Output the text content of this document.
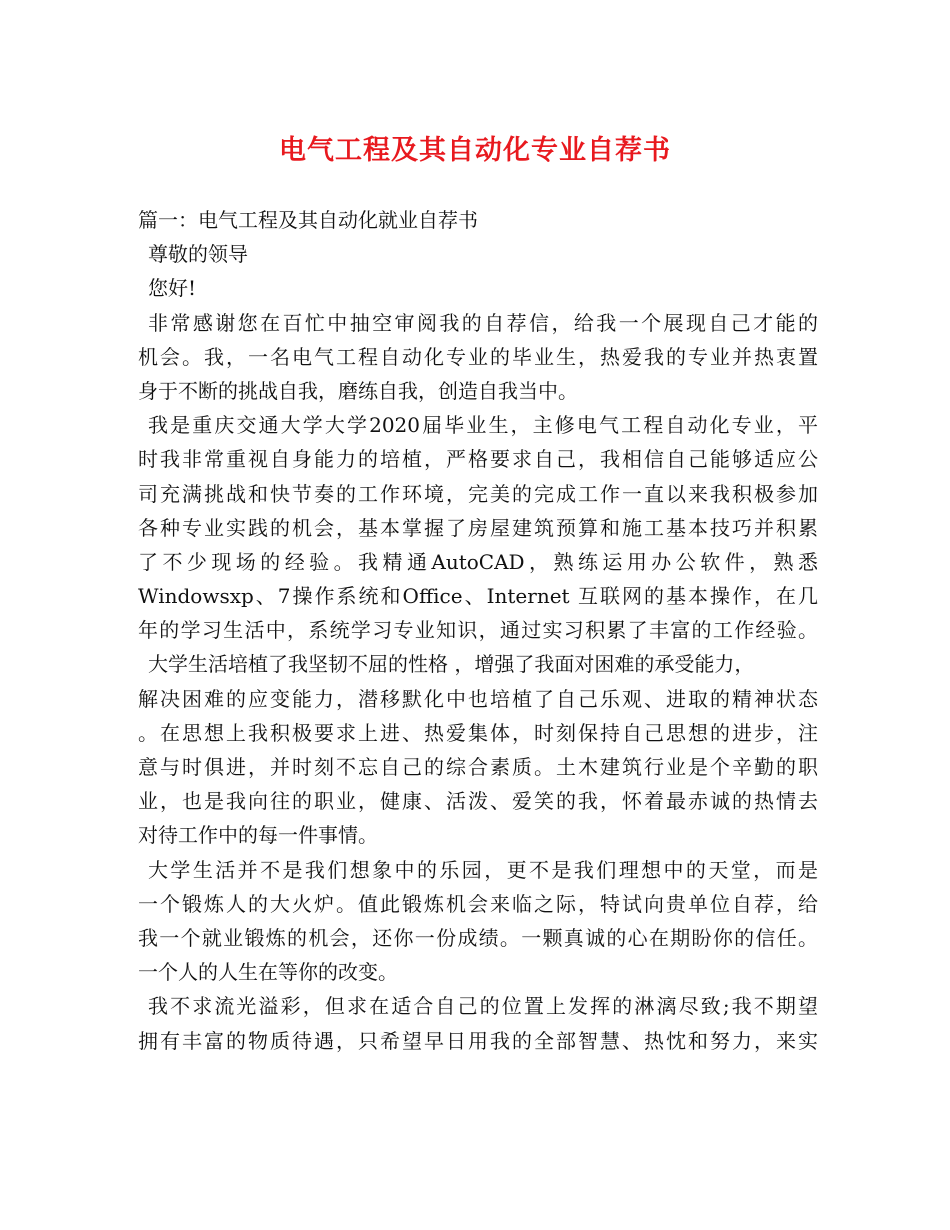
电气工程及其自动化专业自荐书
篇一：电气工程及其自动化就业自荐书
尊敬的领导
您好!
非常感谢您在百忙中抽空审阅我的自荐信，给我一个展现自己才能的
机会。我，一名电气工程自动化专业的毕业生，热爱我的专业并热衷置
身于不断的挑战自我，磨练自我，创造自我当中。
我是重庆交通大学大学2020届毕业生，主修电气工程自动化专业，平
时我非常重视自身能力的培植，严格要求自己，我相信自己能够适应公
司充满挑战和快节奏的工作环境，完美的完成工作一直以来我积极参加
各种专业实践的机会，基本掌握了房屋建筑预算和施工基本技巧并积累
了不少现场的经验。我精通AutoCAD，熟练运用办公软件，熟悉
Windowsxp、7操作系统和Office、Internet 互联网的基本操作，在几
年的学习生活中，系统学习专业知识，通过实习积累了丰富的工作经验。
大学生活培植了我坚韧不屈的性格 ，增强了我面对困难的承受能力，
解决困难的应变能力，潜移默化中也培植了自己乐观、进取的精神状态
。在思想上我积极要求上进、热爱集体，时刻保持自己思想的进步，注
意与时俱进，并时刻不忘自己的综合素质。土木建筑行业是个辛勤的职
业，也是我向往的职业，健康、活泼、爱笑的我，怀着最赤诚的热情去
对待工作中的每一件事情。
大学生活并不是我们想象中的乐园，更不是我们理想中的天堂，而是
一个锻炼人的大火炉。值此锻炼机会来临之际，特试向贵单位自荐，给
我一个就业锻炼的机会，还你一份成绩。一颗真诚的心在期盼你的信任。
一个人的人生在等你的改变。
我不求流光溢彩，但求在适合自己的位置上发挥的淋漓尽致;我不期望
拥有丰富的物质待遇，只希望早日用我的全部智慧、热忱和努力，来实
